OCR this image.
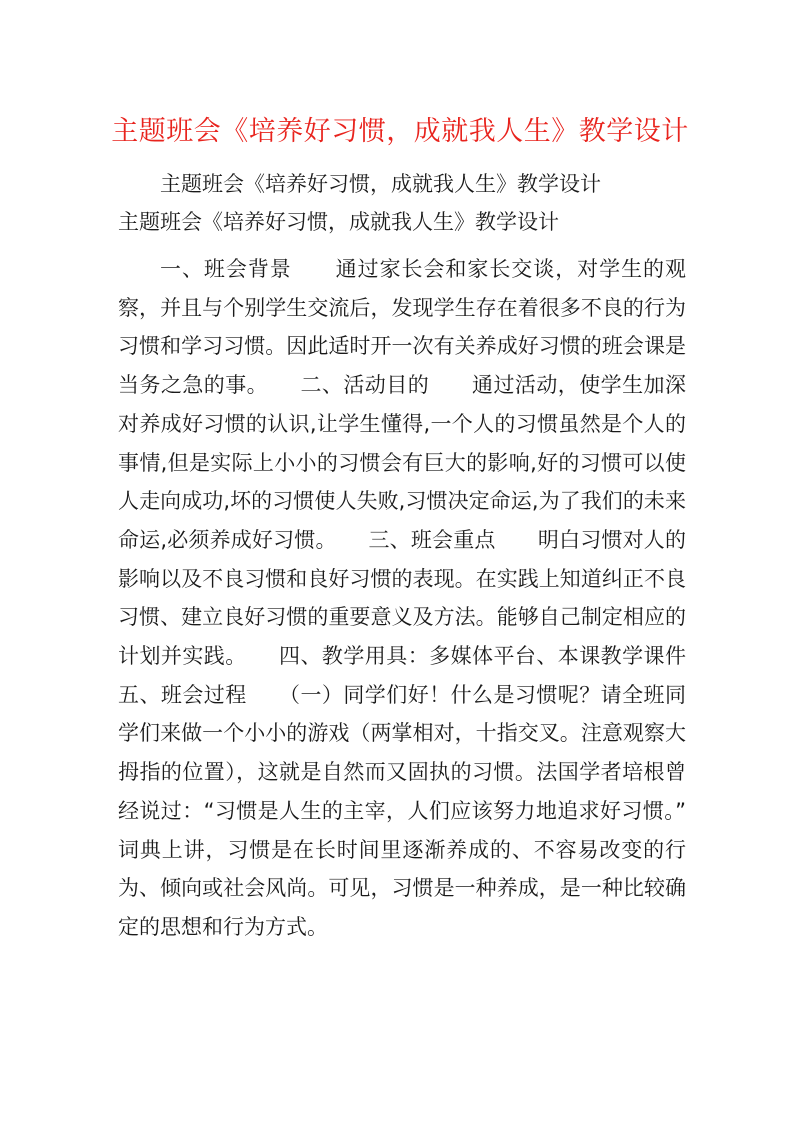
主题班会《培养好习惯，成就我人生》教学设计

主题班会《培养好习惯，成就我人生》教学设计

主题班会《培养好习惯，成就我人生》教学设计

一、班会背景　　通过家长会和家长交谈，对学生的观察，并且与个别学生交流后，发现学生存在着很多不良的行为习惯和学习习惯。因此适时开一次有关养成好习惯的班会课是当务之急的事。　　二、活动目的　　通过活动，使学生加深对养成好习惯的认识,让学生懂得,一个人的习惯虽然是个人的事情,但是实际上小小的习惯会有巨大的影响,好的习惯可以使人走向成功,坏的习惯使人失败,习惯决定命运,为了我们的未来命运,必须养成好习惯。　　三、班会重点　　明白习惯对人的影响以及不良习惯和良好习惯的表现。在实践上知道纠正不良习惯、建立良好习惯的重要意义及方法。能够自己制定相应的计划并实践。　　四、教学用具：多媒体平台、本课教学课件　　五、班会过程　　（一）同学们好！什么是习惯呢？请全班同学们来做一个小小的游戏（两掌相对，十指交叉。注意观察大拇指的位置），这就是自然而又固执的习惯。法国学者培根曾经说过：“习惯是人生的主宰，人们应该努力地追求好习惯。”　　词典上讲，习惯是在长时间里逐渐养成的、不容易改变的行为、倾向或社会风尚。可见，习惯是一种养成，是一种比较确定的思想和行为方式。
